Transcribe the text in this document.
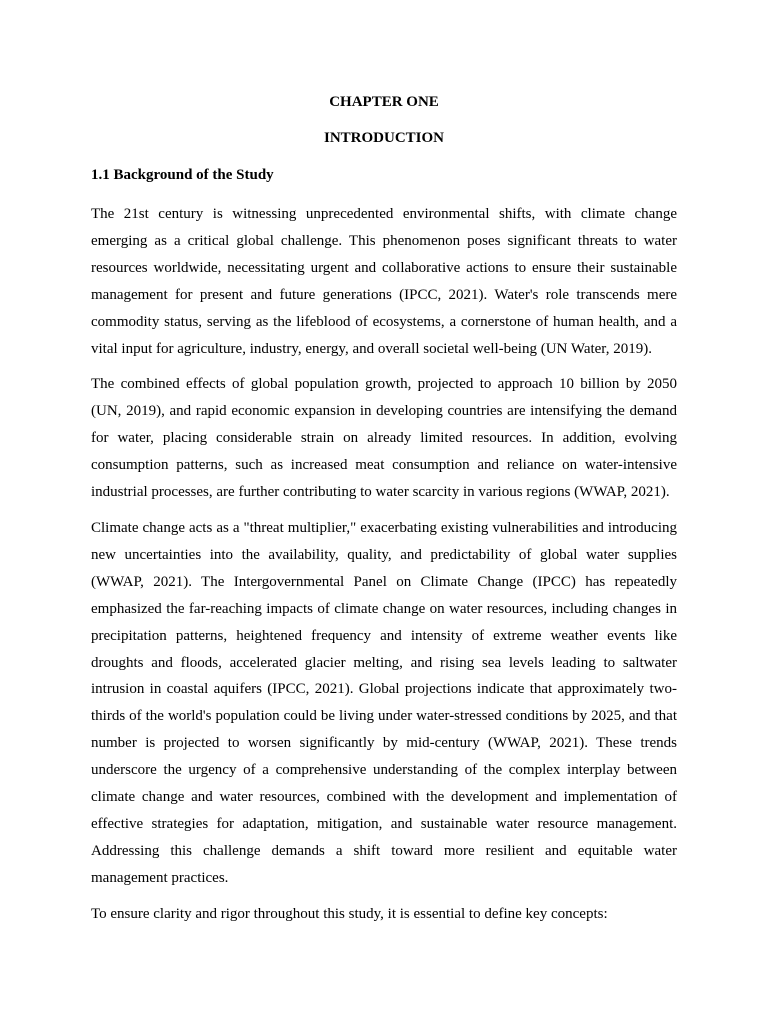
CHAPTER ONE
INTRODUCTION
1.1 Background of the Study

The 21st century is witnessing unprecedented environmental shifts, with climate change emerging as a critical global challenge. This phenomenon poses significant threats to water resources worldwide, necessitating urgent and collaborative actions to ensure their sustainable management for present and future generations (IPCC, 2021). Water's role transcends mere commodity status, serving as the lifeblood of ecosystems, a cornerstone of human health, and a vital input for agriculture, industry, energy, and overall societal well-being (UN Water, 2019).

The combined effects of global population growth, projected to approach 10 billion by 2050 (UN, 2019), and rapid economic expansion in developing countries are intensifying the demand for water, placing considerable strain on already limited resources. In addition, evolving consumption patterns, such as increased meat consumption and reliance on water-intensive industrial processes, are further contributing to water scarcity in various regions (WWAP, 2021).

Climate change acts as a "threat multiplier," exacerbating existing vulnerabilities and introducing new uncertainties into the availability, quality, and predictability of global water supplies (WWAP, 2021). The Intergovernmental Panel on Climate Change (IPCC) has repeatedly emphasized the far-reaching impacts of climate change on water resources, including changes in precipitation patterns, heightened frequency and intensity of extreme weather events like droughts and floods, accelerated glacier melting, and rising sea levels leading to saltwater intrusion in coastal aquifers (IPCC, 2021). Global projections indicate that approximately two-thirds of the world's population could be living under water-stressed conditions by 2025, and that number is projected to worsen significantly by mid-century (WWAP, 2021). These trends underscore the urgency of a comprehensive understanding of the complex interplay between climate change and water resources, combined with the development and implementation of effective strategies for adaptation, mitigation, and sustainable water resource management. Addressing this challenge demands a shift toward more resilient and equitable water management practices.

To ensure clarity and rigor throughout this study, it is essential to define key concepts:
